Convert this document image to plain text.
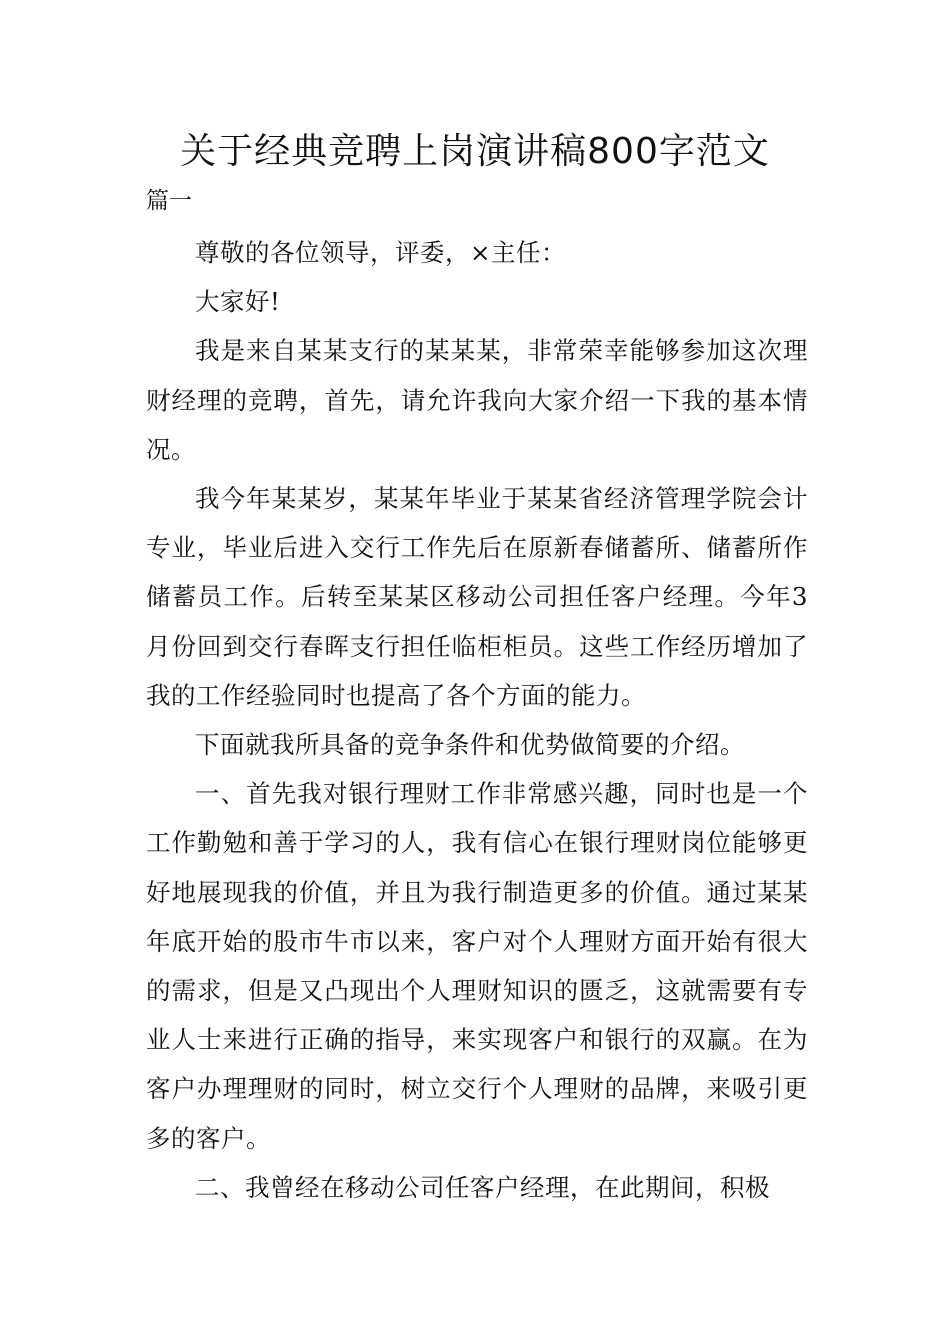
关于经典竞聘上岗演讲稿800字范文

篇一

尊敬的各位领导，评委，×主任：

大家好!

我是来自某某支行的某某某，非常荣幸能够参加这次理财经理的竞聘，首先，请允许我向大家介绍一下我的基本情况。

我今年某某岁，某某年毕业于某某省经济管理学院会计专业，毕业后进入交行工作先后在原新春储蓄所、储蓄所作储蓄员工作。后转至某某区移动公司担任客户经理。今年3月份回到交行春晖支行担任临柜柜员。这些工作经历增加了我的工作经验同时也提高了各个方面的能力。

下面就我所具备的竞争条件和优势做简要的介绍。

一、首先我对银行理财工作非常感兴趣，同时也是一个工作勤勉和善于学习的人，我有信心在银行理财岗位能够更好地展现我的价值，并且为我行制造更多的价值。通过某某年底开始的股市牛市以来，客户对个人理财方面开始有很大的需求，但是又凸现出个人理财知识的匮乏，这就需要有专业人士来进行正确的指导，来实现客户和银行的双赢。在为客户办理理财的同时，树立交行个人理财的品牌，来吸引更多的客户。

二、我曾经在移动公司任客户经理，在此期间，积极
